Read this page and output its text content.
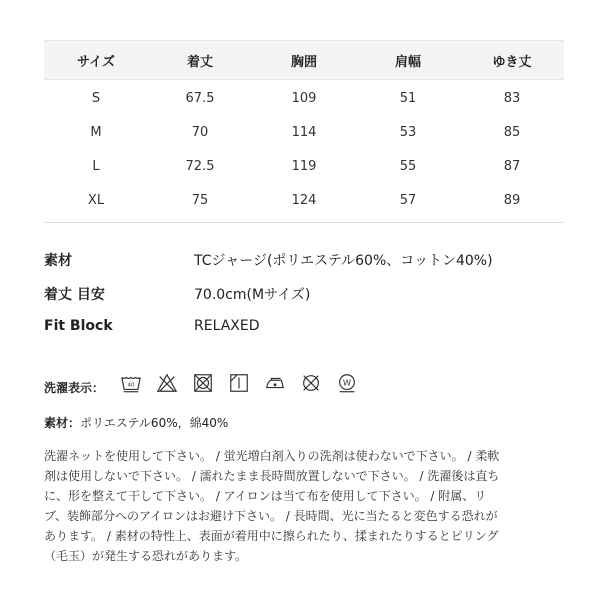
サイズ	着丈	胸囲	肩幅	ゆき丈
S	67.5	109	51	83
M	70	114	53	85
L	72.5	119	55	87
XL	75	124	57	89
素材	TCジャージ(ポリエステル60%、コットン40%)
着丈 目安	70.0cm(Mサイズ)
Fit Block	RELAXED
洗濯表示：	40	W
素材：ポリエステル60%，綿40%
洗濯ネットを使用して下さい。 / 蛍光増白剤入りの洗剤は使わないで下さい。 / 柔軟
剤は使用しないで下さい。 / 濡れたまま長時間放置しないで下さい。 / 洗濯後は直ち
に、形を整えて干して下さい。 / アイロンは当て布を使用して下さい。 / 附属、リ
ブ、装飾部分へのアイロンはお避け下さい。 / 長時間、光に当たると変色する恐れが
あります。 / 素材の特性上、表面が着用中に擦られたり、揉まれたりするとピリング
（毛玉）が発生する恐れがあります。
